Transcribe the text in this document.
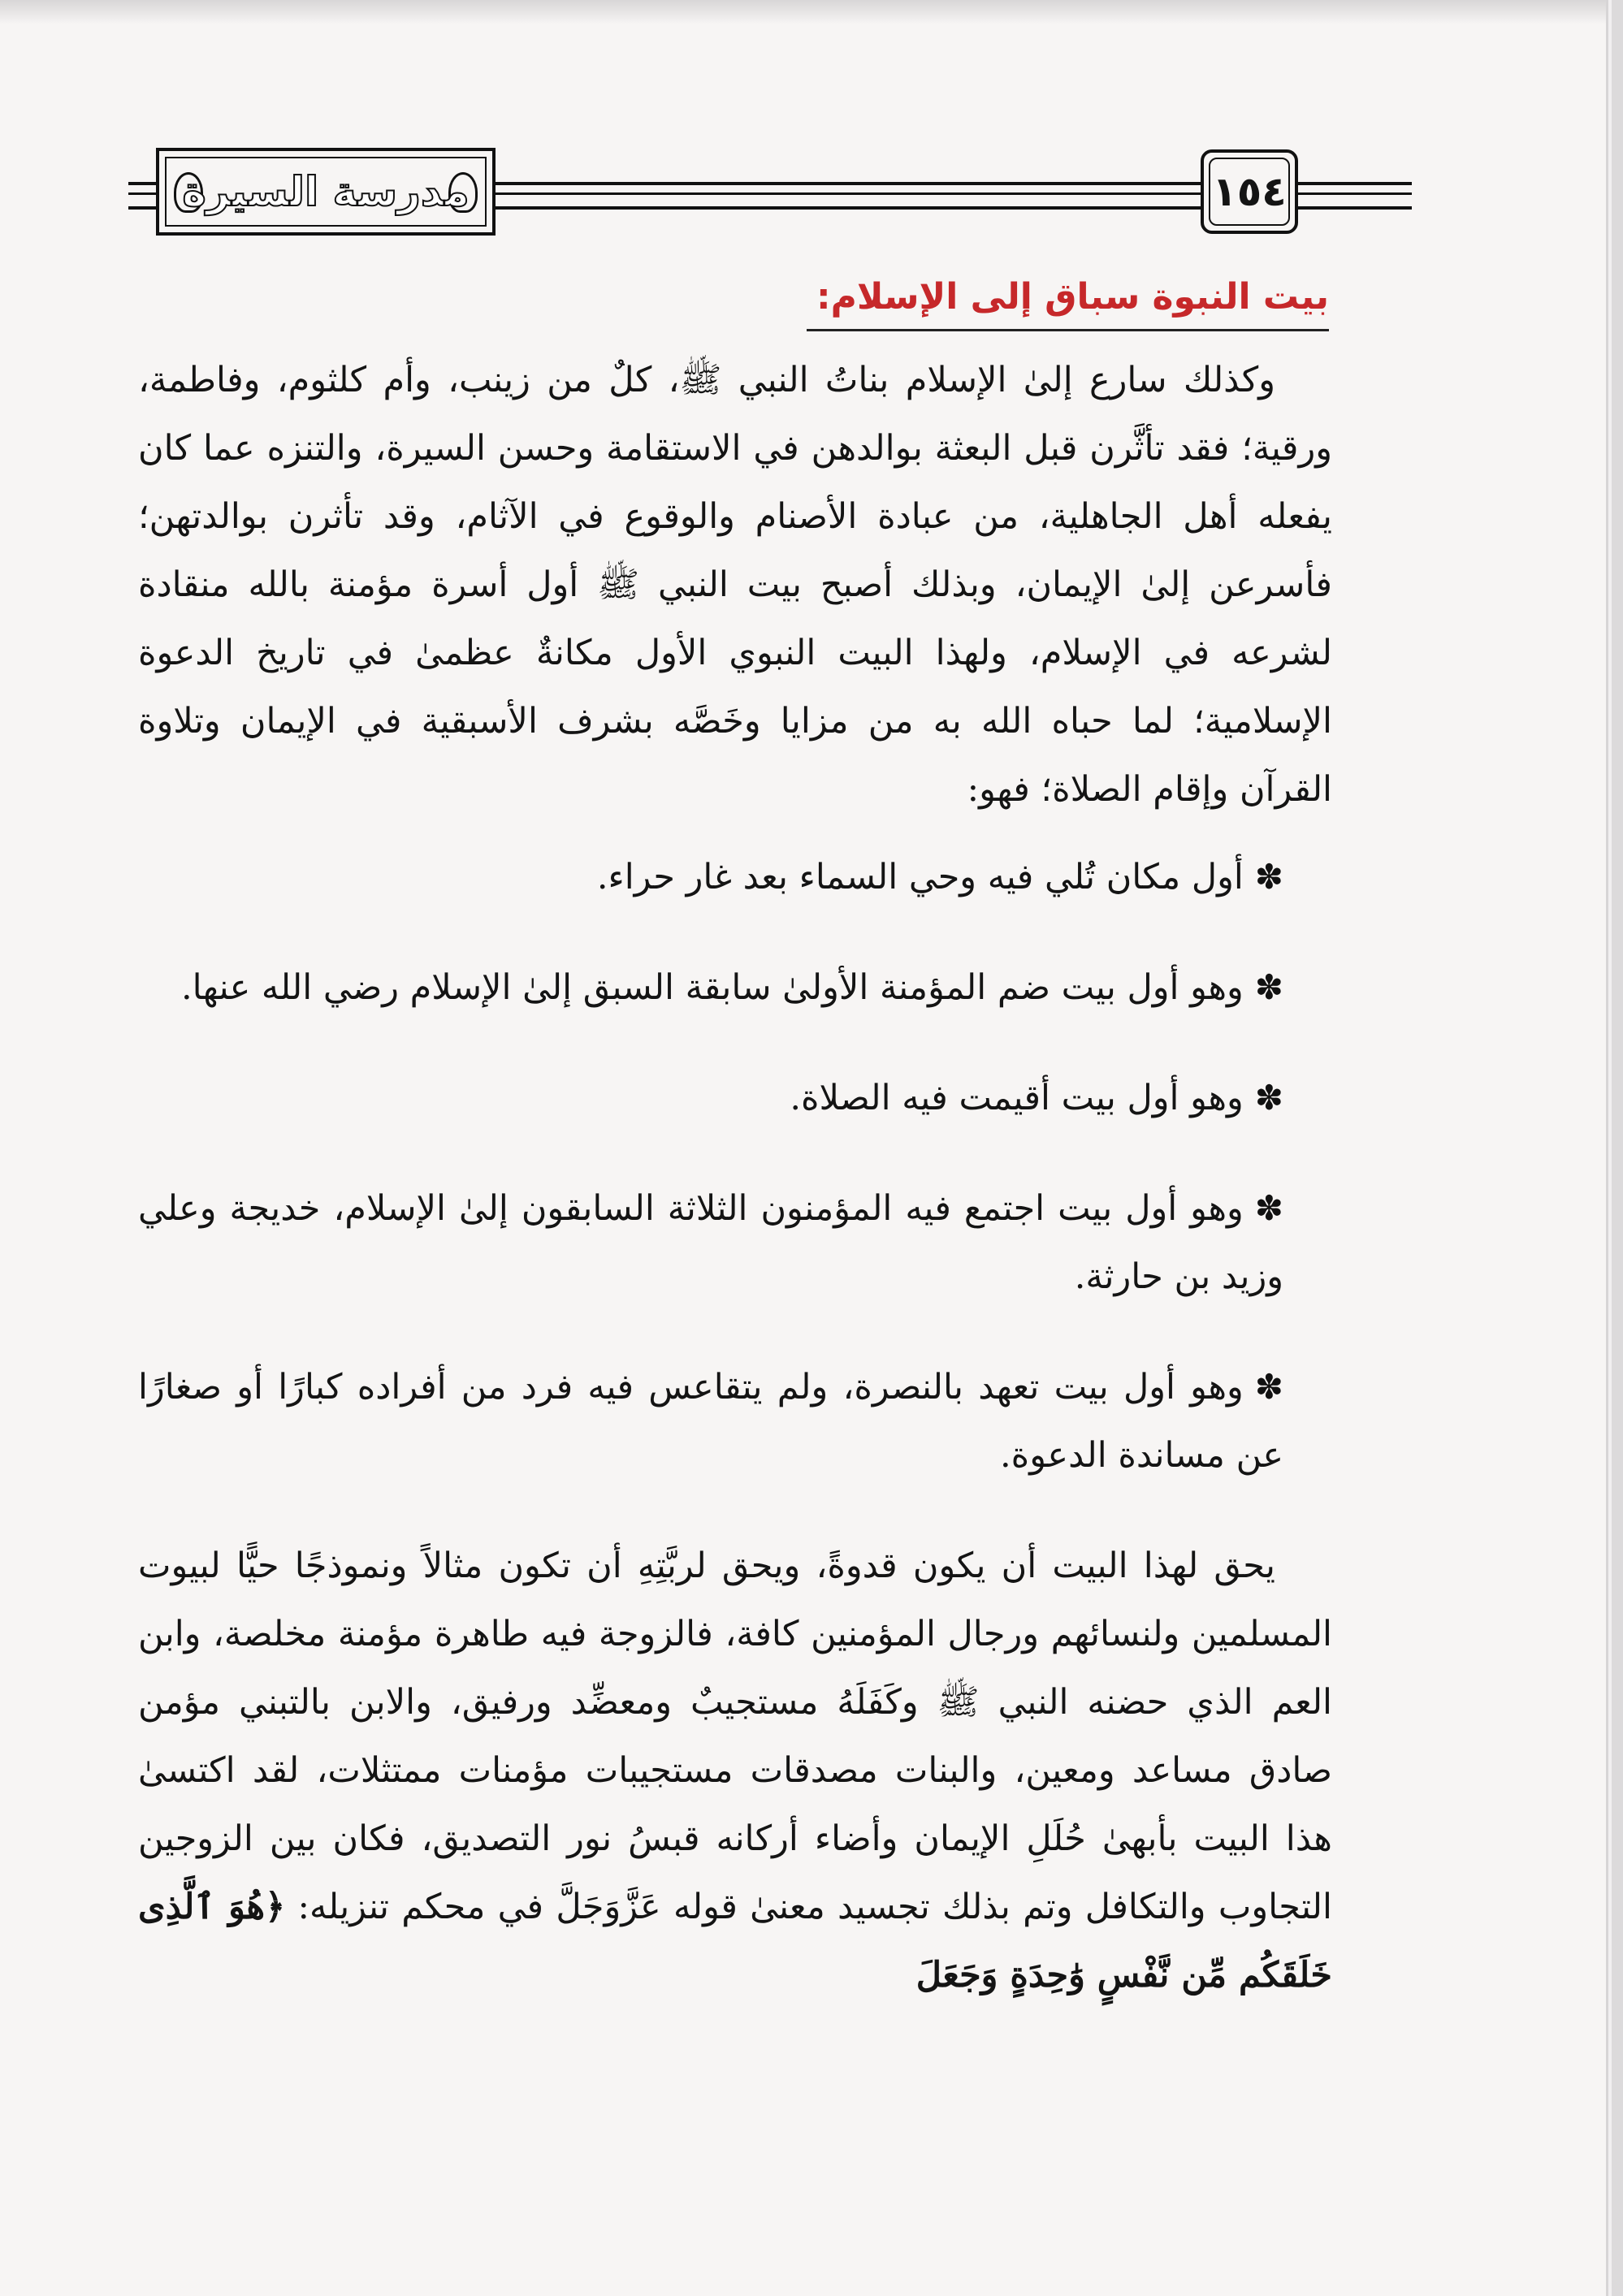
مدرسة السيرة	١٥٤
بيت النبوة سباق إلى الإسلام:

وكذلك سارع إلىٰ الإسلام بناتُ النبي ﷺ، كلٌ من زينب، وأم كلثوم، وفاطمة، ورقية؛ فقد تأثَّرن قبل البعثة بوالدهن في الاستقامة وحسن السيرة، والتنزه عما كان يفعله أهل الجاهلية، من عبادة الأصنام والوقوع في الآثام، وقد تأثرن بوالدتهن؛ فأسرعن إلىٰ الإيمان، وبذلك أصبح بيت النبي ﷺ أول أسرة مؤمنة بالله منقادة لشرعه في الإسلام، ولهذا البيت النبوي الأول مكانةٌ عظمىٰ في تاريخ الدعوة الإسلامية؛ لما حباه الله به من مزايا وخَصَّه بشرف الأسبقية في الإيمان وتلاوة القرآن وإقام الصلاة؛ فهو:

✽أول مكان تُلي فيه وحي السماء بعد غار حراء.

✽وهو أول بيت ضم المؤمنة الأولىٰ سابقة السبق إلىٰ الإسلام رضي الله عنها.

✽وهو أول بيت أقيمت فيه الصلاة.

✽وهو أول بيت اجتمع فيه المؤمنون الثلاثة السابقون إلىٰ الإسلام، خديجة وعلي وزيد بن حارثة.

✽وهو أول بيت تعهد بالنصرة، ولم يتقاعس فيه فرد من أفراده كبارًا أو صغارًا عن مساندة الدعوة.

يحق لهذا البيت أن يكون قدوةً، ويحق لربَّتِهِ أن تكون مثالاً ونموذجًا حيًّا لبيوت المسلمين ولنسائهم ورجال المؤمنين كافة، فالزوجة فيه طاهرة مؤمنة مخلصة، وابن العم الذي حضنه النبي ﷺ وكَفَلَهُ مستجيبٌ ومعضِّد ورفيق، والابن بالتبني مؤمن صادق مساعد ومعين، والبنات مصدقات مستجيبات مؤمنات ممتثلات، لقد اكتسىٰ هذا البيت بأبهىٰ حُلَلِ الإيمان وأضاء أركانه قبسُ نور التصديق، فكان بين الزوجين التجاوب والتكافل وتم بذلك تجسيد معنىٰ قوله عَزَّوَجَلَّ في محكم تنزيله: ﴿هُوَ ٱلَّذِى خَلَقَكُم مِّن نَّفْسٍ وَٰحِدَةٍ وَجَعَلَ
